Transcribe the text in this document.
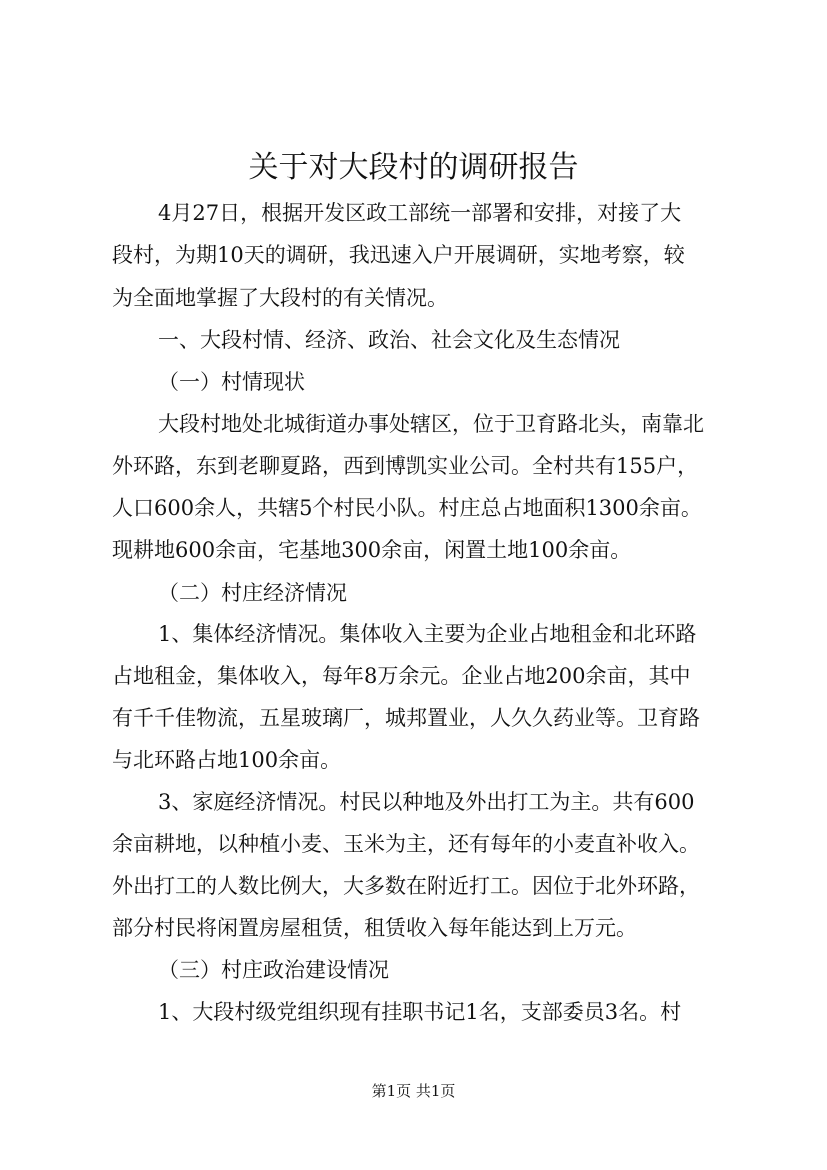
关于对大段村的调研报告
4月27日，根据开发区政工部统一部署和安排，对接了大
段村，为期10天的调研，我迅速入户开展调研，实地考察，较
为全面地掌握了大段村的有关情况。
一、大段村情、经济、政治、社会文化及生态情况
（一）村情现状
大段村地处北城街道办事处辖区，位于卫育路北头，南靠北
外环路，东到老聊夏路，西到博凯实业公司。全村共有155户，
人口600余人，共辖5个村民小队。村庄总占地面积1300余亩。
现耕地600余亩，宅基地300余亩，闲置土地100余亩。
（二）村庄经济情况
1、集体经济情况。集体收入主要为企业占地租金和北环路
占地租金，集体收入，每年8万余元。企业占地200余亩，其中
有千千佳物流，五星玻璃厂，城邦置业，人久久药业等。卫育路
与北环路占地100余亩。
3、家庭经济情况。村民以种地及外出打工为主。共有600
余亩耕地，以种植小麦、玉米为主，还有每年的小麦直补收入。
外出打工的人数比例大，大多数在附近打工。因位于北外环路，
部分村民将闲置房屋租赁，租赁收入每年能达到上万元。
（三）村庄政治建设情况
1、大段村级党组织现有挂职书记1名，支部委员3名。村
第1页 共1页
